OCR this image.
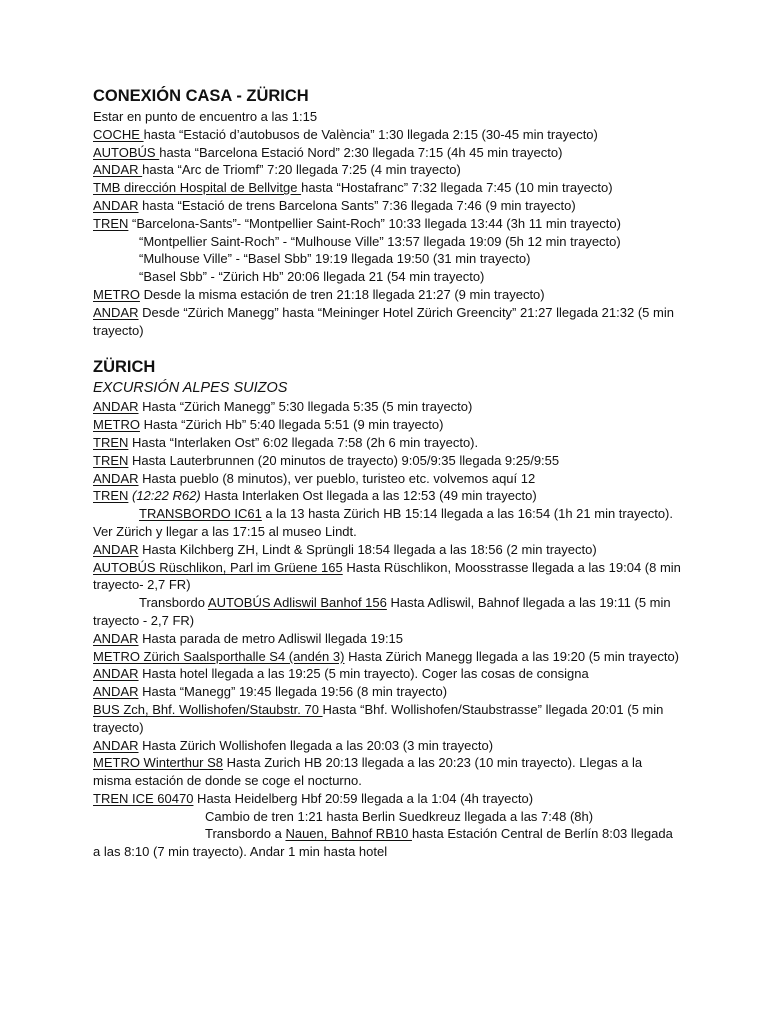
CONEXIÓN CASA - ZÜRICH
Estar en punto de encuentro a las 1:15
COCHE hasta “Estació d’autobusos de València” 1:30 llegada 2:15 (30-45 min trayecto)
AUTOBÚS hasta “Barcelona Estació Nord” 2:30 llegada 7:15 (4h 45 min trayecto)
ANDAR hasta “Arc de Triomf” 7:20 llegada 7:25 (4 min trayecto)
TMB dirección Hospital de Bellvitge hasta “Hostafranc” 7:32 llegada 7:45 (10 min trayecto)
ANDAR hasta “Estació de trens Barcelona Sants” 7:36 llegada 7:46 (9 min trayecto)
TREN “Barcelona-Sants”- “Montpellier Saint-Roch” 10:33 llegada 13:44 (3h 11 min trayecto)
“Montpellier Saint-Roch” - “Mulhouse Ville” 13:57 llegada 19:09 (5h 12 min trayecto)
“Mulhouse Ville” - “Basel Sbb” 19:19 llegada 19:50 (31 min trayecto)
“Basel Sbb” - “Zürich Hb” 20:06 llegada 21 (54 min trayecto)
METRO Desde la misma estación de tren 21:18 llegada 21:27 (9 min trayecto)
ANDAR Desde “Zürich Manegg” hasta “Meininger Hotel Zürich Greencity” 21:27 llegada 21:32 (5 min trayecto)
ZÜRICH
EXCURSIÓN ALPES SUIZOS
ANDAR Hasta “Zürich Manegg” 5:30 llegada 5:35 (5 min trayecto)
METRO Hasta “Zürich Hb” 5:40 llegada 5:51 (9 min trayecto)
TREN Hasta “Interlaken Ost” 6:02 llegada 7:58 (2h 6 min trayecto).
TREN Hasta Lauterbrunnen (20 minutos de trayecto) 9:05/9:35 llegada 9:25/9:55
ANDAR Hasta pueblo (8 minutos), ver pueblo, turisteo etc. volvemos aquí 12
TREN (12:22 R62) Hasta Interlaken Ost llegada a las 12:53 (49 min trayecto)
TRANSBORDO IC61 a la 13 hasta Zürich HB 15:14 llegada a las 16:54 (1h 21 min trayecto). Ver Zürich y llegar a las 17:15 al museo Lindt.
ANDAR Hasta Kilchberg ZH, Lindt & Sprüngli 18:54 llegada a las 18:56 (2 min trayecto)
AUTOBÚS Rüschlikon, Parl im Grüene 165 Hasta Rüschlikon, Moosstrasse llegada a las 19:04 (8 min trayecto- 2,7 FR)
Transbordo AUTOBÚS Adliswil Banhof 156 Hasta Adliswil, Bahnof llegada a las 19:11 (5 min trayecto - 2,7 FR)
ANDAR Hasta parada de metro Adliswil llegada 19:15
METRO Zürich Saalsporthalle S4 (andén 3) Hasta Zürich Manegg llegada a las 19:20 (5 min trayecto)
ANDAR Hasta hotel llegada a las 19:25 (5 min trayecto). Coger las cosas de consigna
ANDAR Hasta “Manegg” 19:45 llegada 19:56 (8 min trayecto)
BUS Zch, Bhf. Wollishofen/Staubstr. 70 Hasta “Bhf. Wollishofen/Staubstrasse” llegada 20:01 (5 min trayecto)
ANDAR Hasta Zürich Wollishofen llegada a las 20:03 (3 min trayecto)
METRO Winterthur S8 Hasta Zurich HB 20:13 llegada a las 20:23 (10 min trayecto). Llegas a la misma estación de donde se coge el nocturno.
TREN ICE 60470 Hasta Heidelberg Hbf 20:59 llegada a la 1:04 (4h trayecto)
Cambio de tren 1:21 hasta Berlin Suedkreuz llegada a las 7:48 (8h)
Transbordo a Nauen, Bahnof RB10 hasta Estación Central de Berlín 8:03 llegada a las 8:10 (7 min trayecto). Andar 1 min hasta hotel
